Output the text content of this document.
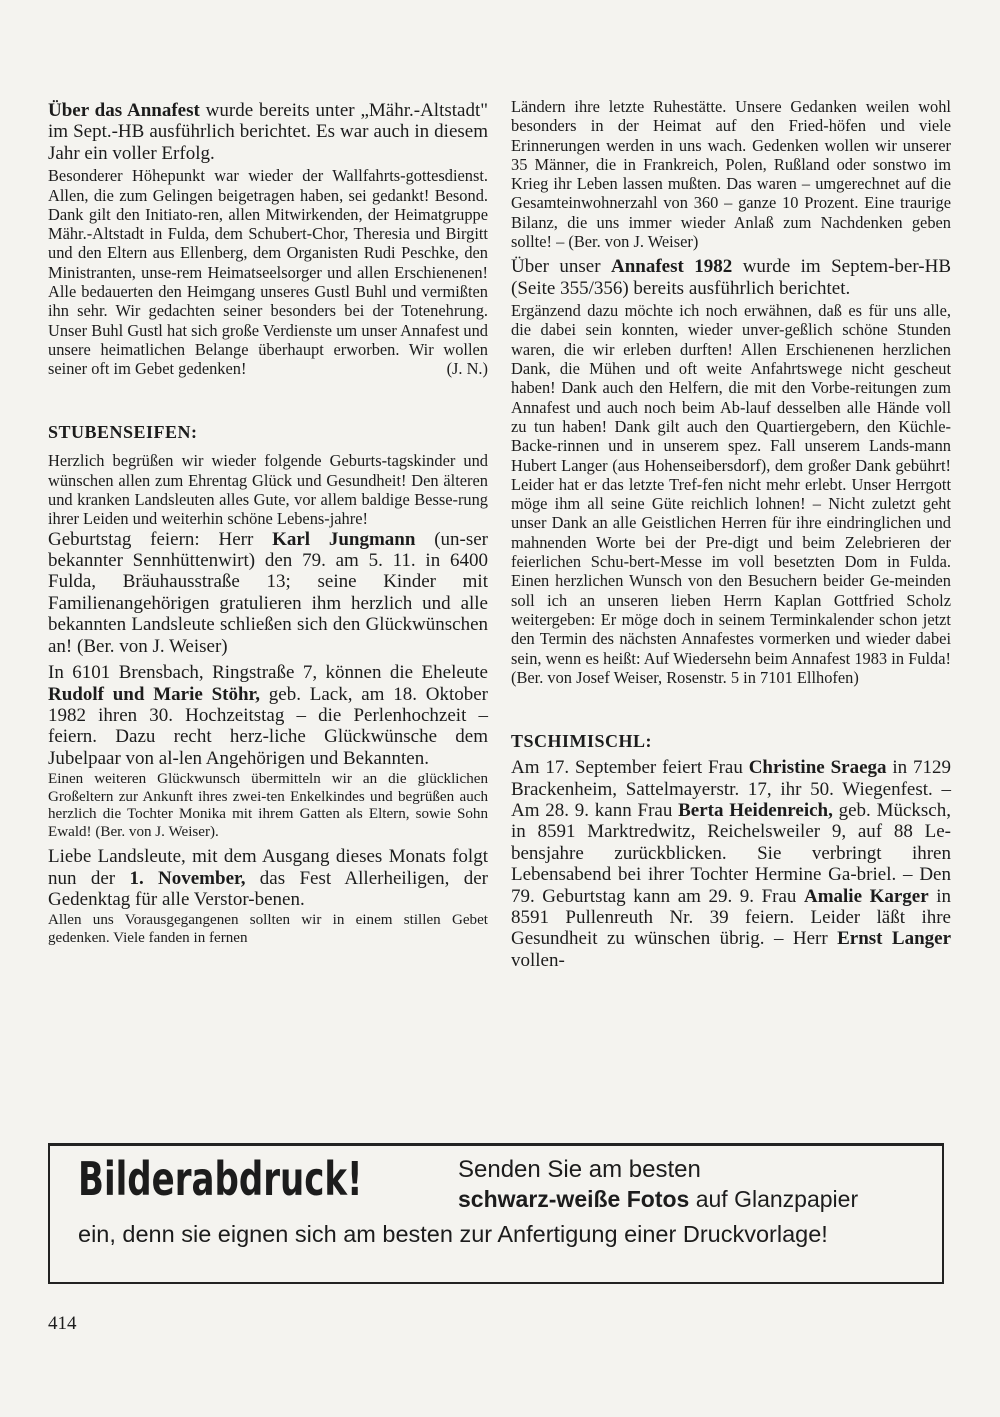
Über das Annafest wurde bereits unter „Mähr.-Altstadt" im Sept.-HB ausführlich berichtet. Es war auch in diesem Jahr ein voller Erfolg.

Besonderer Höhepunkt war wieder der Wallfahrts-gottesdienst. Allen, die zum Gelingen beigetragen haben, sei gedankt! Besond. Dank gilt den Initiato-ren, allen Mitwirkenden, der Heimatgruppe Mähr.-Altstadt in Fulda, dem Schubert-Chor, Theresia und Birgitt und den Eltern aus Ellenberg, dem Organisten Rudi Peschke, den Ministranten, unse-rem Heimatseelsorger und allen Erschienenen! Alle bedauerten den Heimgang unseres Gustl Buhl und vermißten ihn sehr. Wir gedachten seiner besonders bei der Totenehrung. Unser Buhl Gustl hat sich große Verdienste um unser Annafest und unsere heimatlichen Belange überhaupt erworben. Wir wollen seiner oft im Gebet gedenken!	(J. N.)

STUBENSEIFEN:

Herzlich begrüßen wir wieder folgende Geburts-tagskinder und wünschen allen zum Ehrentag Glück und Gesundheit! Den älteren und kranken Landsleuten alles Gute, vor allem baldige Besse-rung ihrer Leiden und weiterhin schöne Lebens-jahre!

Geburtstag feiern: Herr Karl Jungmann (un-ser bekannter Sennhüttenwirt) den 79. am 5. 11. in 6400 Fulda, Bräuhausstraße 13; seine Kinder mit Familienangehörigen gratulieren ihm herzlich und alle bekannten Landsleute schließen sich den Glückwünschen an! (Ber. von J. Weiser)

In 6101 Brensbach, Ringstraße 7, können die Eheleute Rudolf und Marie Stöhr, geb. Lack, am 18. Oktober 1982 ihren 30. Hochzeitstag – die Perlenhochzeit – feiern. Dazu recht herz-liche Glückwünsche dem Jubelpaar von al-len Angehörigen und Bekannten.

Einen weiteren Glückwunsch übermitteln wir an die glücklichen Großeltern zur Ankunft ihres zwei-ten Enkelkindes und begrüßen auch herzlich die Tochter Monika mit ihrem Gatten als Eltern, sowie Sohn Ewald! (Ber. von J. Weiser).

Liebe Landsleute, mit dem Ausgang dieses Monats folgt nun der 1. November, das Fest Allerheiligen, der Gedenktag für alle Verstor-benen.

Allen uns Vorausgegangenen sollten wir in einem stillen Gebet gedenken. Viele fanden in fernen

Ländern ihre letzte Ruhestätte. Unsere Gedanken weilen wohl besonders in der Heimat auf den Fried-höfen und viele Erinnerungen werden in uns wach. Gedenken wollen wir unserer 35 Männer, die in Frankreich, Polen, Rußland oder sonstwo im Krieg ihr Leben lassen mußten. Das waren – umgerechnet auf die Gesamteinwohnerzahl von 360 – ganze 10 Prozent. Eine traurige Bilanz, die uns immer wieder Anlaß zum Nachdenken geben sollte! – (Ber. von J. Weiser)

Über unser Annafest 1982 wurde im Septem-ber-HB (Seite 355/356) bereits ausführlich berichtet.

Ergänzend dazu möchte ich noch erwähnen, daß es für uns alle, die dabei sein konnten, wieder unver-geßlich schöne Stunden waren, die wir erleben durften! Allen Erschienenen herzlichen Dank, die Mühen und oft weite Anfahrtswege nicht gescheut haben! Dank auch den Helfern, die mit den Vorbe-reitungen zum Annafest und auch noch beim Ab-lauf desselben alle Hände voll zu tun haben! Dank gilt auch den Quartiergebern, den Küchle-Backe-rinnen und in unserem spez. Fall unserem Lands-mann Hubert Langer (aus Hohenseibersdorf), dem großer Dank gebührt! Leider hat er das letzte Tref-fen nicht mehr erlebt. Unser Herrgott möge ihm all seine Güte reichlich lohnen! – Nicht zuletzt geht unser Dank an alle Geistlichen Herren für ihre eindringlichen und mahnenden Worte bei der Pre-digt und beim Zelebrieren der feierlichen Schu-bert-Messe im voll besetzten Dom in Fulda. Einen herzlichen Wunsch von den Besuchern beider Ge-meinden soll ich an unseren lieben Herrn Kaplan Gottfried Scholz weitergeben: Er möge doch in seinem Terminkalender schon jetzt den Termin des nächsten Annafestes vormerken und wieder dabei sein, wenn es heißt: Auf Wiedersehn beim Annafest 1983 in Fulda! (Ber. von Josef Weiser, Rosenstr. 5 in 7101 Ellhofen)

TSCHIMISCHL:

Am 17. September feiert Frau Christine Sraega in 7129 Brackenheim, Sattelmayerstr. 17, ihr 50. Wiegenfest. – Am 28. 9. kann Frau Berta Heidenreich, geb. Mücksch, in 8591 Marktredwitz, Reichelsweiler 9, auf 88 Le-bensjahre zurückblicken. Sie verbringt ihren Lebensabend bei ihrer Tochter Hermine Ga-briel. – Den 79. Geburtstag kann am 29. 9. Frau Amalie Karger in 8591 Pullenreuth Nr. 39 feiern. Leider läßt ihre Gesundheit zu wünschen übrig. – Herr Ernst Langer vollen-

Bilderabdruck!	Senden Sie am besten
schwarz-weiße Fotos auf Glanzpapier
ein, denn sie eignen sich am besten zur Anfertigung einer Druckvorlage!
414
